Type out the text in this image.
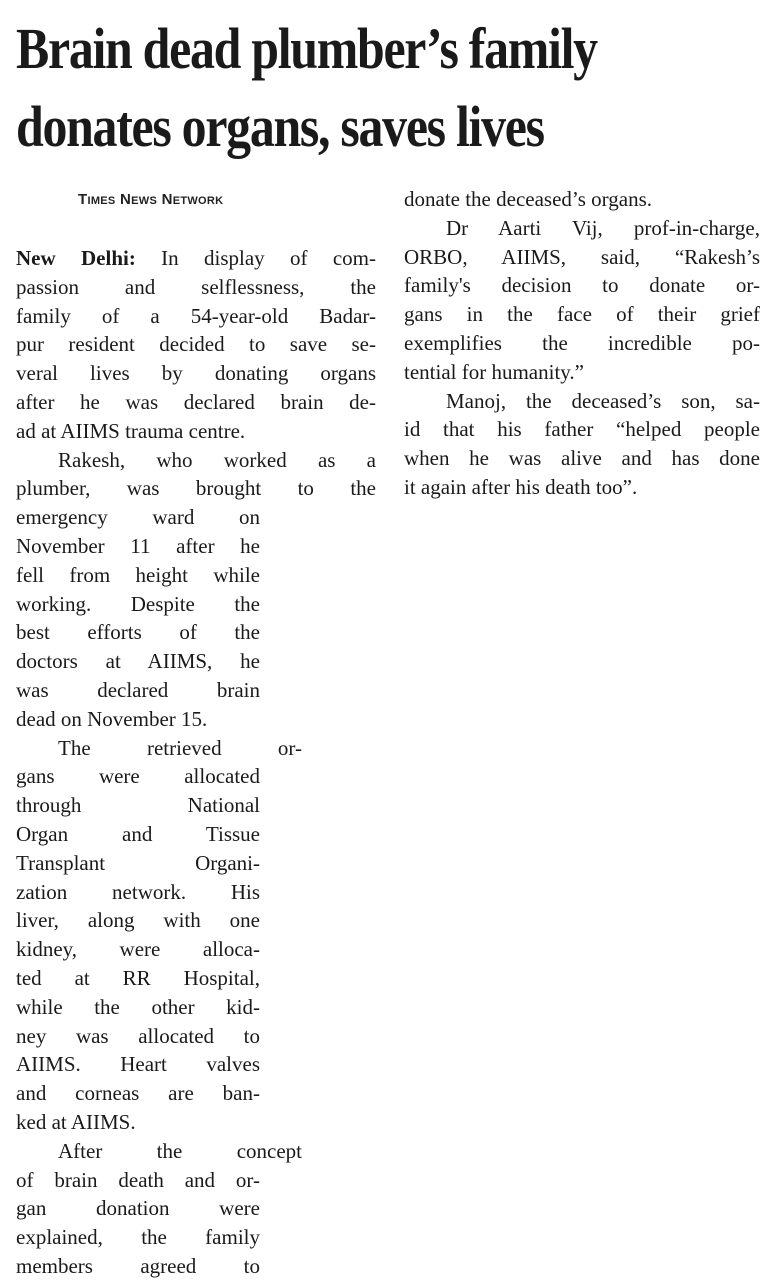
Brain dead plumber’s family
donates organs, saves lives
Times News Network
New Delhi: In display of com-
passion and selflessness, the
family of a 54-year-old Badar-
pur resident decided to save se-
veral lives by donating organs
after he was declared brain de-
ad at AIIMS trauma centre.
Rakesh, who worked as a
plumber, was brought to the
emergency ward on
November 11 after he
fell from height while
working. Despite the
best efforts of the
doctors at AIIMS, he
was declared brain
dead on November 15.
The retrieved or-
gans were allocated
through National
Organ and Tissue
Transplant Organi-
zation network. His
liver, along with one
kidney, were alloca-
ted at RR Hospital,
while the other kid-
ney was allocated to
AIIMS. Heart valves
and corneas are ban-
ked at AIIMS.
After the concept
of brain death and or-
gan donation were
explained, the family
members agreed to
donate the deceased’s organs.
Dr Aarti Vij, prof-in-charge,
ORBO, AIIMS, said, “Rakesh’s
family's decision to donate or-
gans in the face of their grief
exemplifies the incredible po-
tential for humanity.”
Manoj, the deceased’s son, sa-
id that his father “helped people
when he was alive and has done
it again after his death too”.
